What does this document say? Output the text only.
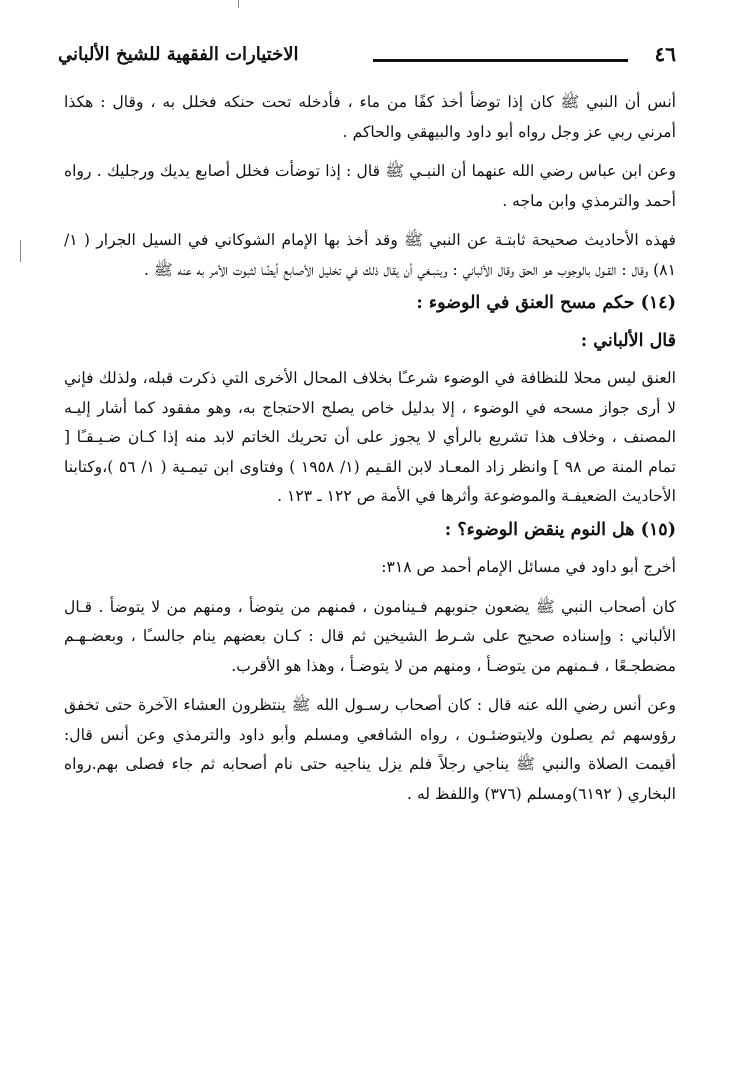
٤٦
الاختيارات الفقهية للشيخ الألباني

أنس أن النبي ﷺ كان إذا توضأ أخذ كفًا من ماء ، فأدخله تحت حنكه فخلل به ، وقال : هكذا أمرني ربي عز وجل رواه أبو داود والبيهقي والحاكم .

وعن ابن عباس رضي الله عنهما أن النبـي ﷺ قال : إذا توضأت فخلل أصابع يديك ورجليك . رواه أحمد والترمذي وابن ماجه .

فهذه الأحاديث صحيحة ثابتـة عن النبي ﷺ وقد أخذ بها الإمام الشوكاني في السيل الجرار ( ١/ ٨١) وقال : القـول بالوجوب هو الحق وقال الألباني : وينبـغي أن يقال ذلك في تخليل الأصابع أيضًا لثبوت الأمر به عنه ﷺ .

(١٤) حكم مسح العنق في الوضوء :
قال الألباني :

العنق ليس محلا للنظافة في الوضوء شرعـًا بخلاف المحال الأخرى التي ذكرت قبله، ولذلك فإني لا أرى جواز مسحه في الوضوء ، إلا بدليل خاص يصلح الاحتجاج به، وهو مفقود كما أشار إليـه المصنف ، وخلاف هذا تشريع بالرأي لا يجوز على أن تحريك الخاتم لابد منه إذا كـان ضـيـقـًا [ تمام المنة ص ٩٨ ] وانظر زاد المعـاد لابن القـيم (١/ ١٩٥٨ ) وفتاوى ابن تيمـية ( ١/ ٥٦ )،وكتابنا الأحاديث الضعيفـة والموضوعة وأثرها في الأمة ص ١٢٢ ـ ١٢٣ .

(١٥) هل النوم ينقض الوضوء؟ :

أخرج أبو داود في مسائل الإمام أحمد ص ٣١٨:

كان أصحاب النبي ﷺ يضعون جنوبهم فـينامون ، فمنهم من يتوضأ ، ومنهم من لا يتوضأ . قـال الألباني : وإسناده صحيح على شـرط الشيخين ثم قال : كـان بعضهم ينام جالسـًا ، وبعضـهـم مضطجـعًا ، فـمنهم من يتوضـأ ، ومنهم من لا يتوضـأ ، وهذا هو الأقرب.

وعن أنس رضي الله عنه قال : كان أصحاب رسـول الله ﷺ ينتظرون العشاء الآخرة حتى تخفق رؤوسهم ثم يصلون ولايتوضئـون ، رواه الشافعي ومسلم وأبو داود والترمذي وعن أنس قال: أقيمت الصلاة والنبي ﷺ يناجي رجلاً فلم يزل يناجيه حتى نام أصحابه ثم جاء فصلى بهم.رواه البخاري ( ٦١٩٢)ومسلم (٣٧٦) واللفظ له .
